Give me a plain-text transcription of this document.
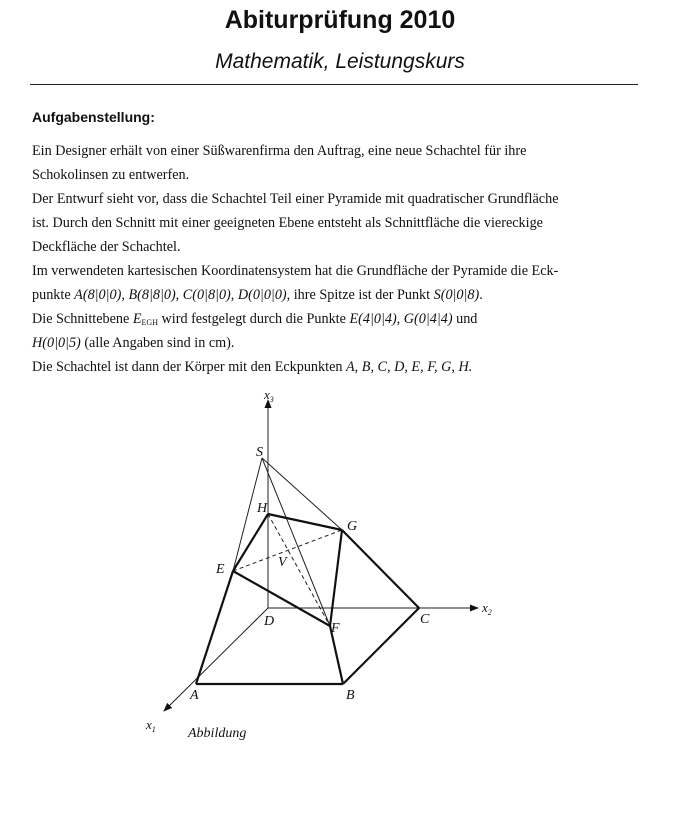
Abiturprüfung 2010
Mathematik, Leistungskurs
Aufgabenstellung:
Ein Designer erhält von einer Süßwarenfirma den Auftrag, eine neue Schachtel für ihre
Schokolinsen zu entwerfen.
Der Entwurf sieht vor, dass die Schachtel Teil einer Pyramide mit quadratischer Grundfläche
ist. Durch den Schnitt mit einer geeigneten Ebene entsteht als Schnittfläche die viereckige
Deckfläche der Schachtel.
Im verwendeten kartesischen Koordinatensystem hat die Grundfläche der Pyramide die Eck-
punkte A(8|0|0), B(8|8|0), C(0|8|0), D(0|0|0), ihre Spitze ist der Punkt S(0|0|8).
Die Schnittebene $E_{EGH}$ wird festgelegt durch die Punkte E(4|0|4), G(0|4|4) und
H(0|0|5) (alle Angaben sind in cm).
Die Schachtel ist dann der Körper mit den Eckpunkten A, B, C, D, E, F, G, H.
S
H
G
E	V
D	F
C
A	B
$x_3$
$x_2$
$x_1$ Abbildung
